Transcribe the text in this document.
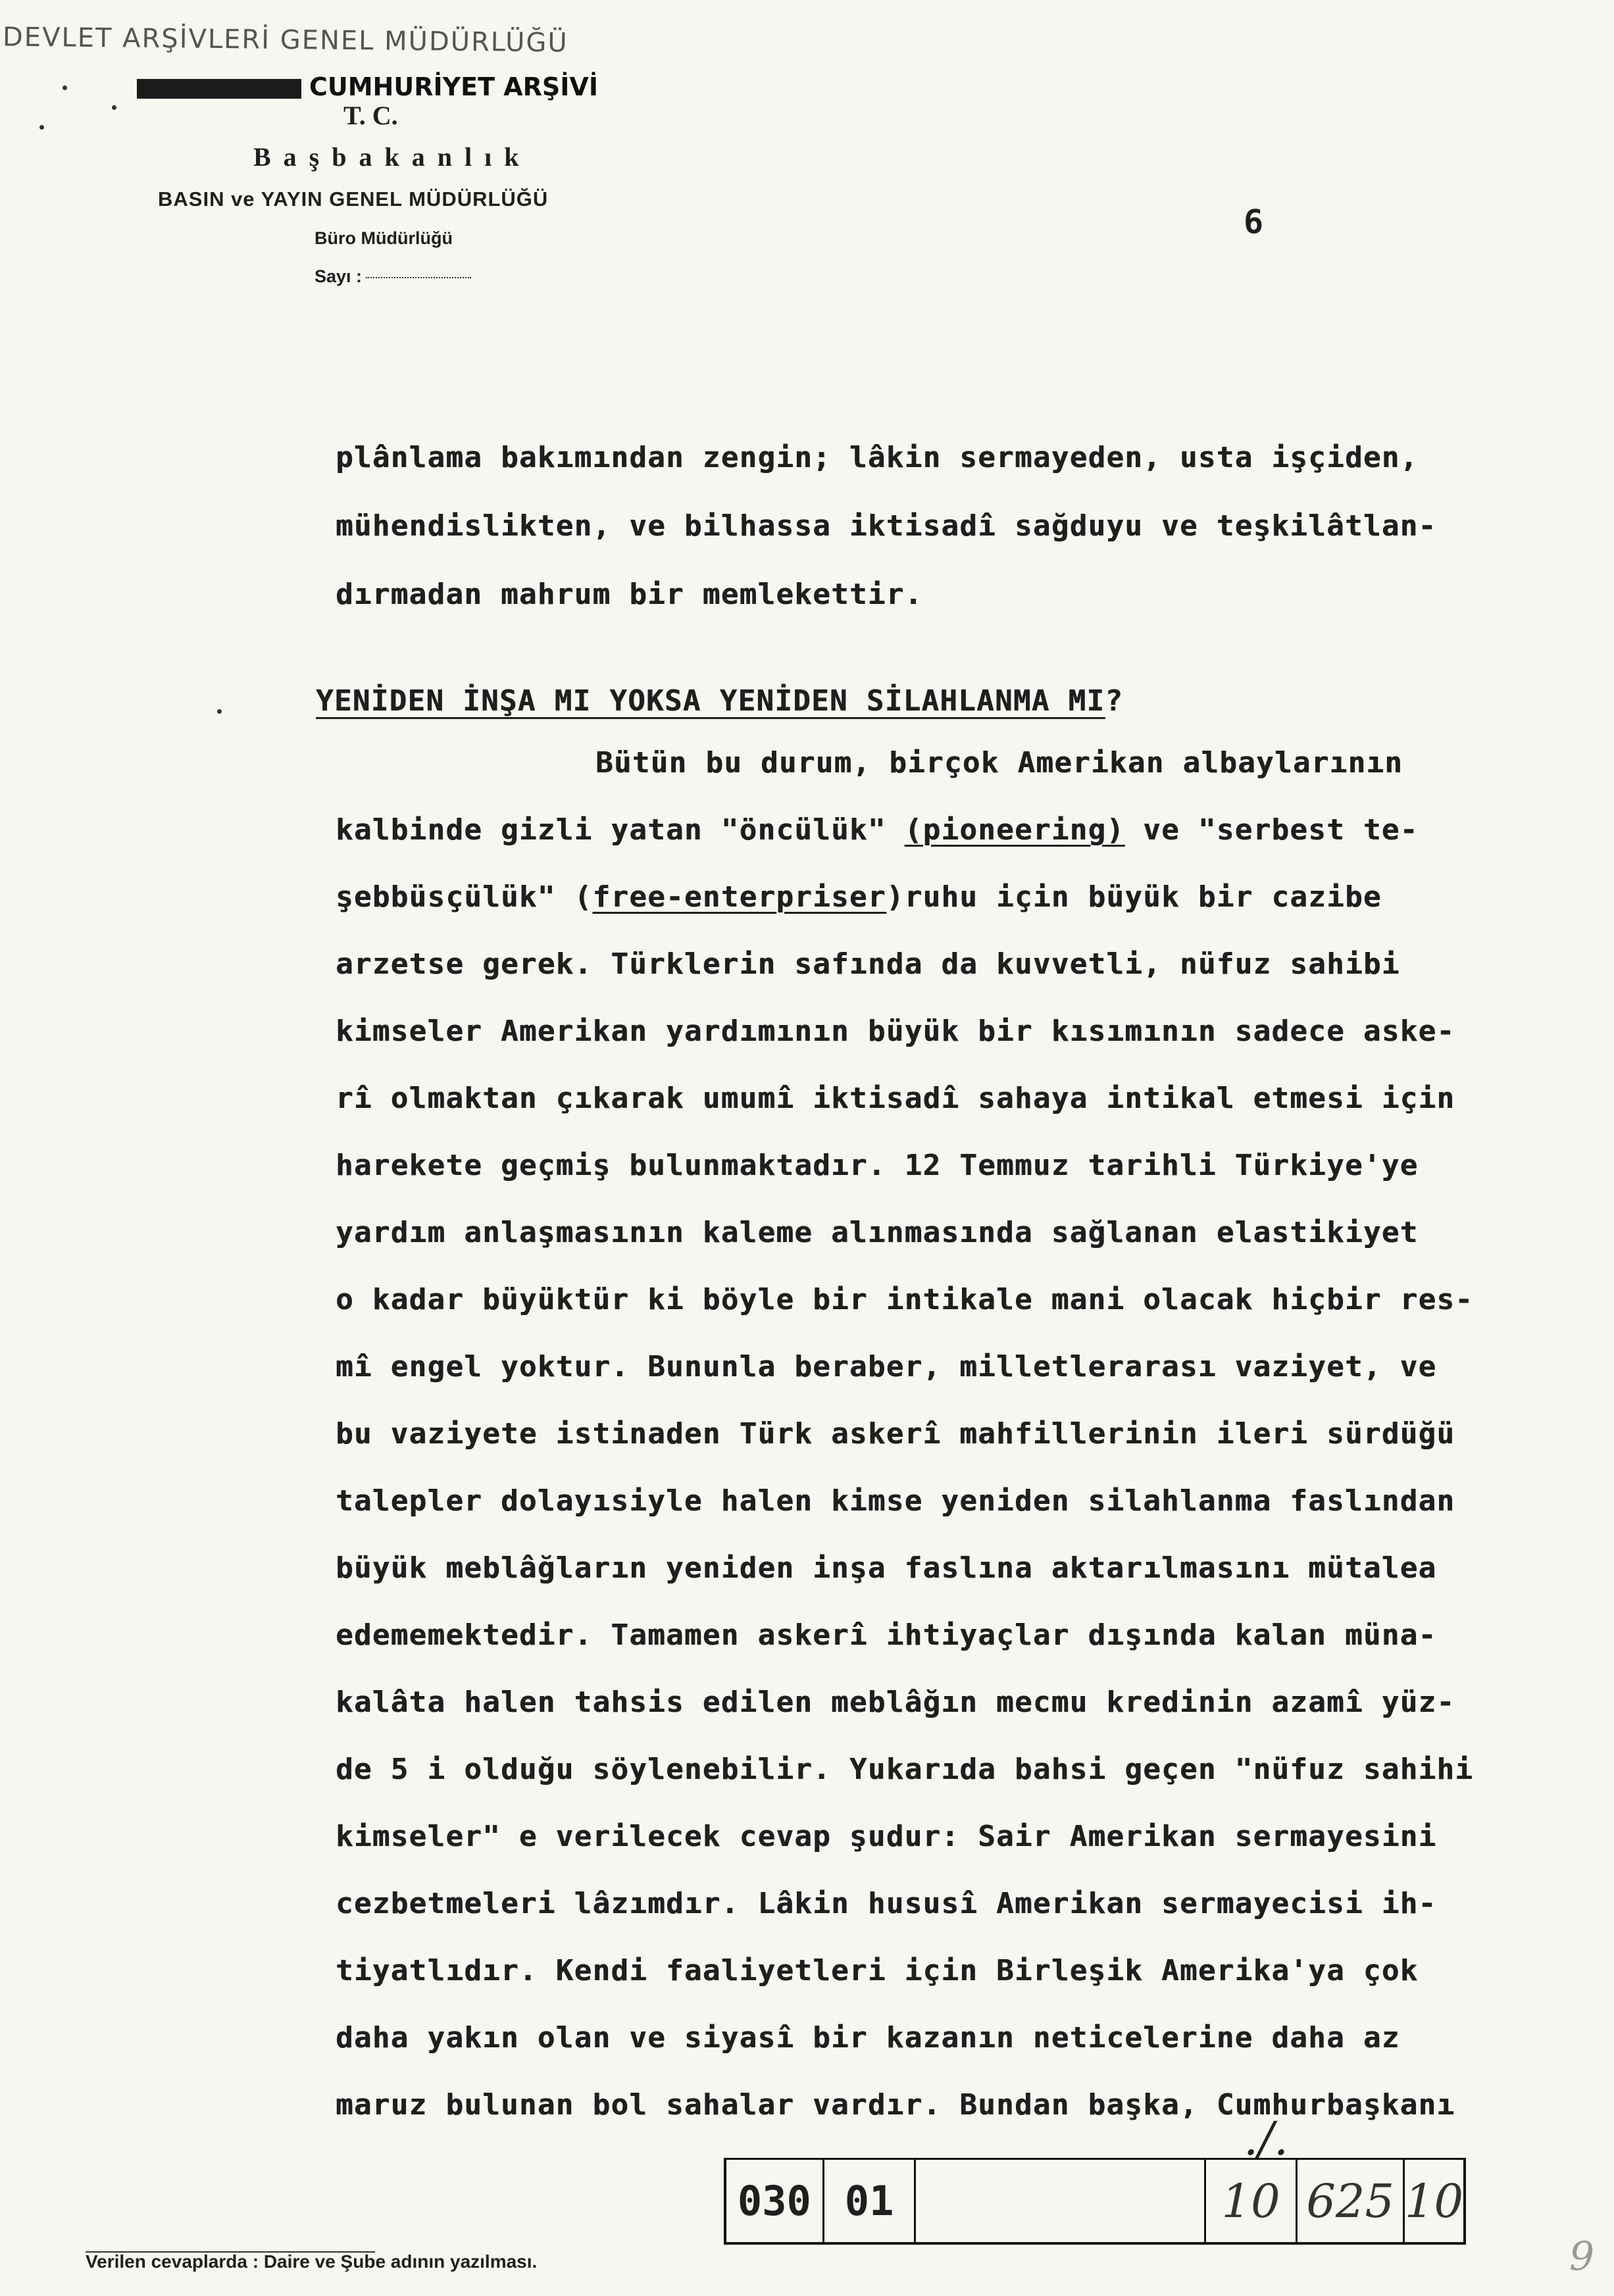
DEVLET ARŞİVLERİ GENEL MÜDÜRLÜĞÜ
CUMHURİYET ARŞİVİ
T. C.
Başbakanlık
BASIN ve YAYIN GENEL MÜDÜRLÜĞÜ
Büro Müdürlüğü
Sayı :
6
plânlama bakımından zengin; lâkin sermayeden, usta işçiden,
mühendislikten, ve bilhassa iktisadî sağduyu ve teşkilâtlan-
dırmadan mahrum bir memlekettir.
YENİDEN İNŞA MI YOKSA YENİDEN SİLAHLANMA MI?
Bütün bu durum, birçok Amerikan albaylarının
kalbinde gizli yatan "öncülük" (pioneering) ve "serbest te-
şebbüsçülük" (free-enterpriser)ruhu için büyük bir cazibe
arzetse gerek. Türklerin safında da kuvvetli, nüfuz sahibi
kimseler Amerikan yardımının büyük bir kısımının sadece aske-
rî olmaktan çıkarak umumî iktisadî sahaya intikal etmesi için
harekete geçmiş bulunmaktadır. 12 Temmuz tarihli Türkiye'ye
yardım anlaşmasının kaleme alınmasında sağlanan elastikiyet
o kadar büyüktür ki böyle bir intikale mani olacak hiçbir res-
mî engel yoktur. Bununla beraber, milletlerarası vaziyet, ve
bu vaziyete istinaden Türk askerî mahfillerinin ileri sürdüğü
talepler dolayısiyle halen kimse yeniden silahlanma faslından
büyük meblâğların yeniden inşa faslına aktarılmasını mütalea
edememektedir. Tamamen askerî ihtiyaçlar dışında kalan müna-
kalâta halen tahsis edilen meblâğın mecmu kredinin azamî yüz-
de 5 i olduğu söylenebilir. Yukarıda bahsi geçen "nüfuz sahihi
kimseler" e verilecek cevap şudur: Sair Amerikan sermayesini
cezbetmeleri lâzımdır. Lâkin hususî Amerikan sermayecisi ih-
tiyatlıdır. Kendi faaliyetleri için Birleşik Amerika'ya çok
daha yakın olan ve siyasî bir kazanın neticelerine daha az
maruz bulunan bol sahalar vardır. Bundan başka, Cumhurbaşkanı
./.
030 01	10 625 10
Verilen cevaplarda : Daire ve Şube adının yazılması.	9
